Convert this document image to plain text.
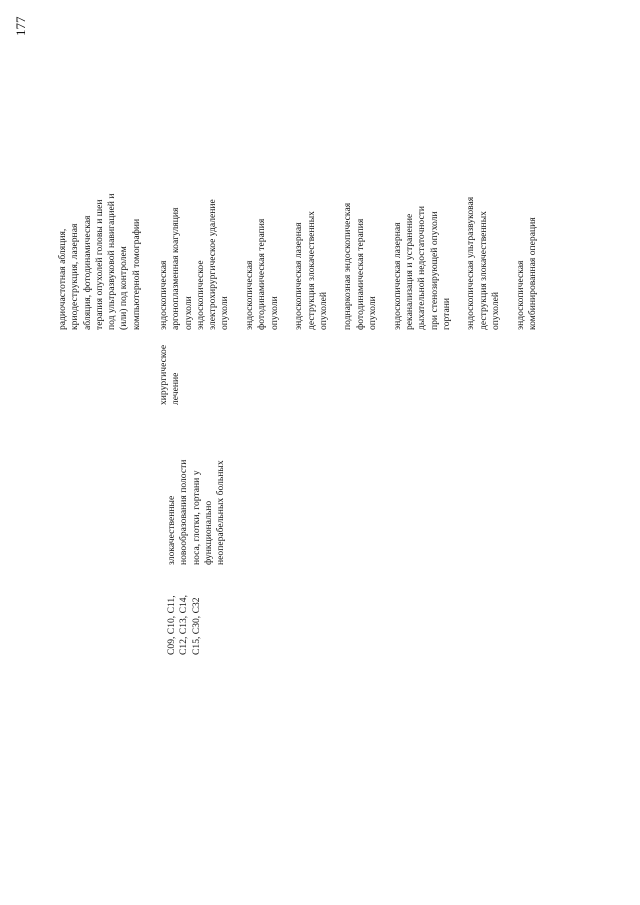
177
C09, C10, C11, C12, C13, C14, C15, C30, C32
злокачественные новообразования полости носа, глотки, гортани у функционально неоперабельных больных
хирургическое лечение
радиочастотная абляция, криодеструкция, лазерная абляция, фотодинамическая терапия опухолей головы и шеи под ультразвуковой навигацией и (или) под контролем компьютерной томографии эндоскопическая аргоноплазменная коагуляция опухоли эндоскопическое электрохирургическое удаление опухоли эндоскопическая фотодинамическая терапия опухоли эндоскопическая лазерная деструкция злокачественных опухолей поднаркозная эндоскопическая фотодинамическая терапия опухоли эндоскопическая лазерная реканализация и устранение дыхательной недостаточности при стенозирующей опухоли гортани эндоскопическая ультразвуковая деструкция злокачественных опухолей эндоскопическая комбинированная операция
